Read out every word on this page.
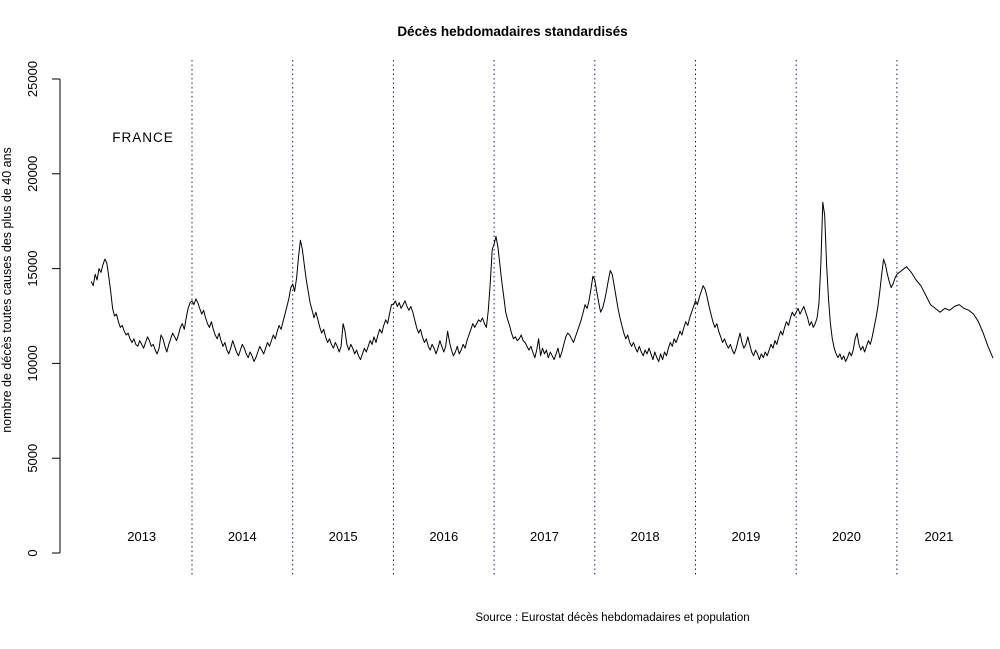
Décès hebdomadaires standardisés
nombre de décès toutes causes des plus de 40 ans
FRANCE
2013	2014	2015	2016	2017	2018	2019	2020	2021
0
5000
10000
15000
20000
25000
Source : Eurostat décès hebdomadaires et population
